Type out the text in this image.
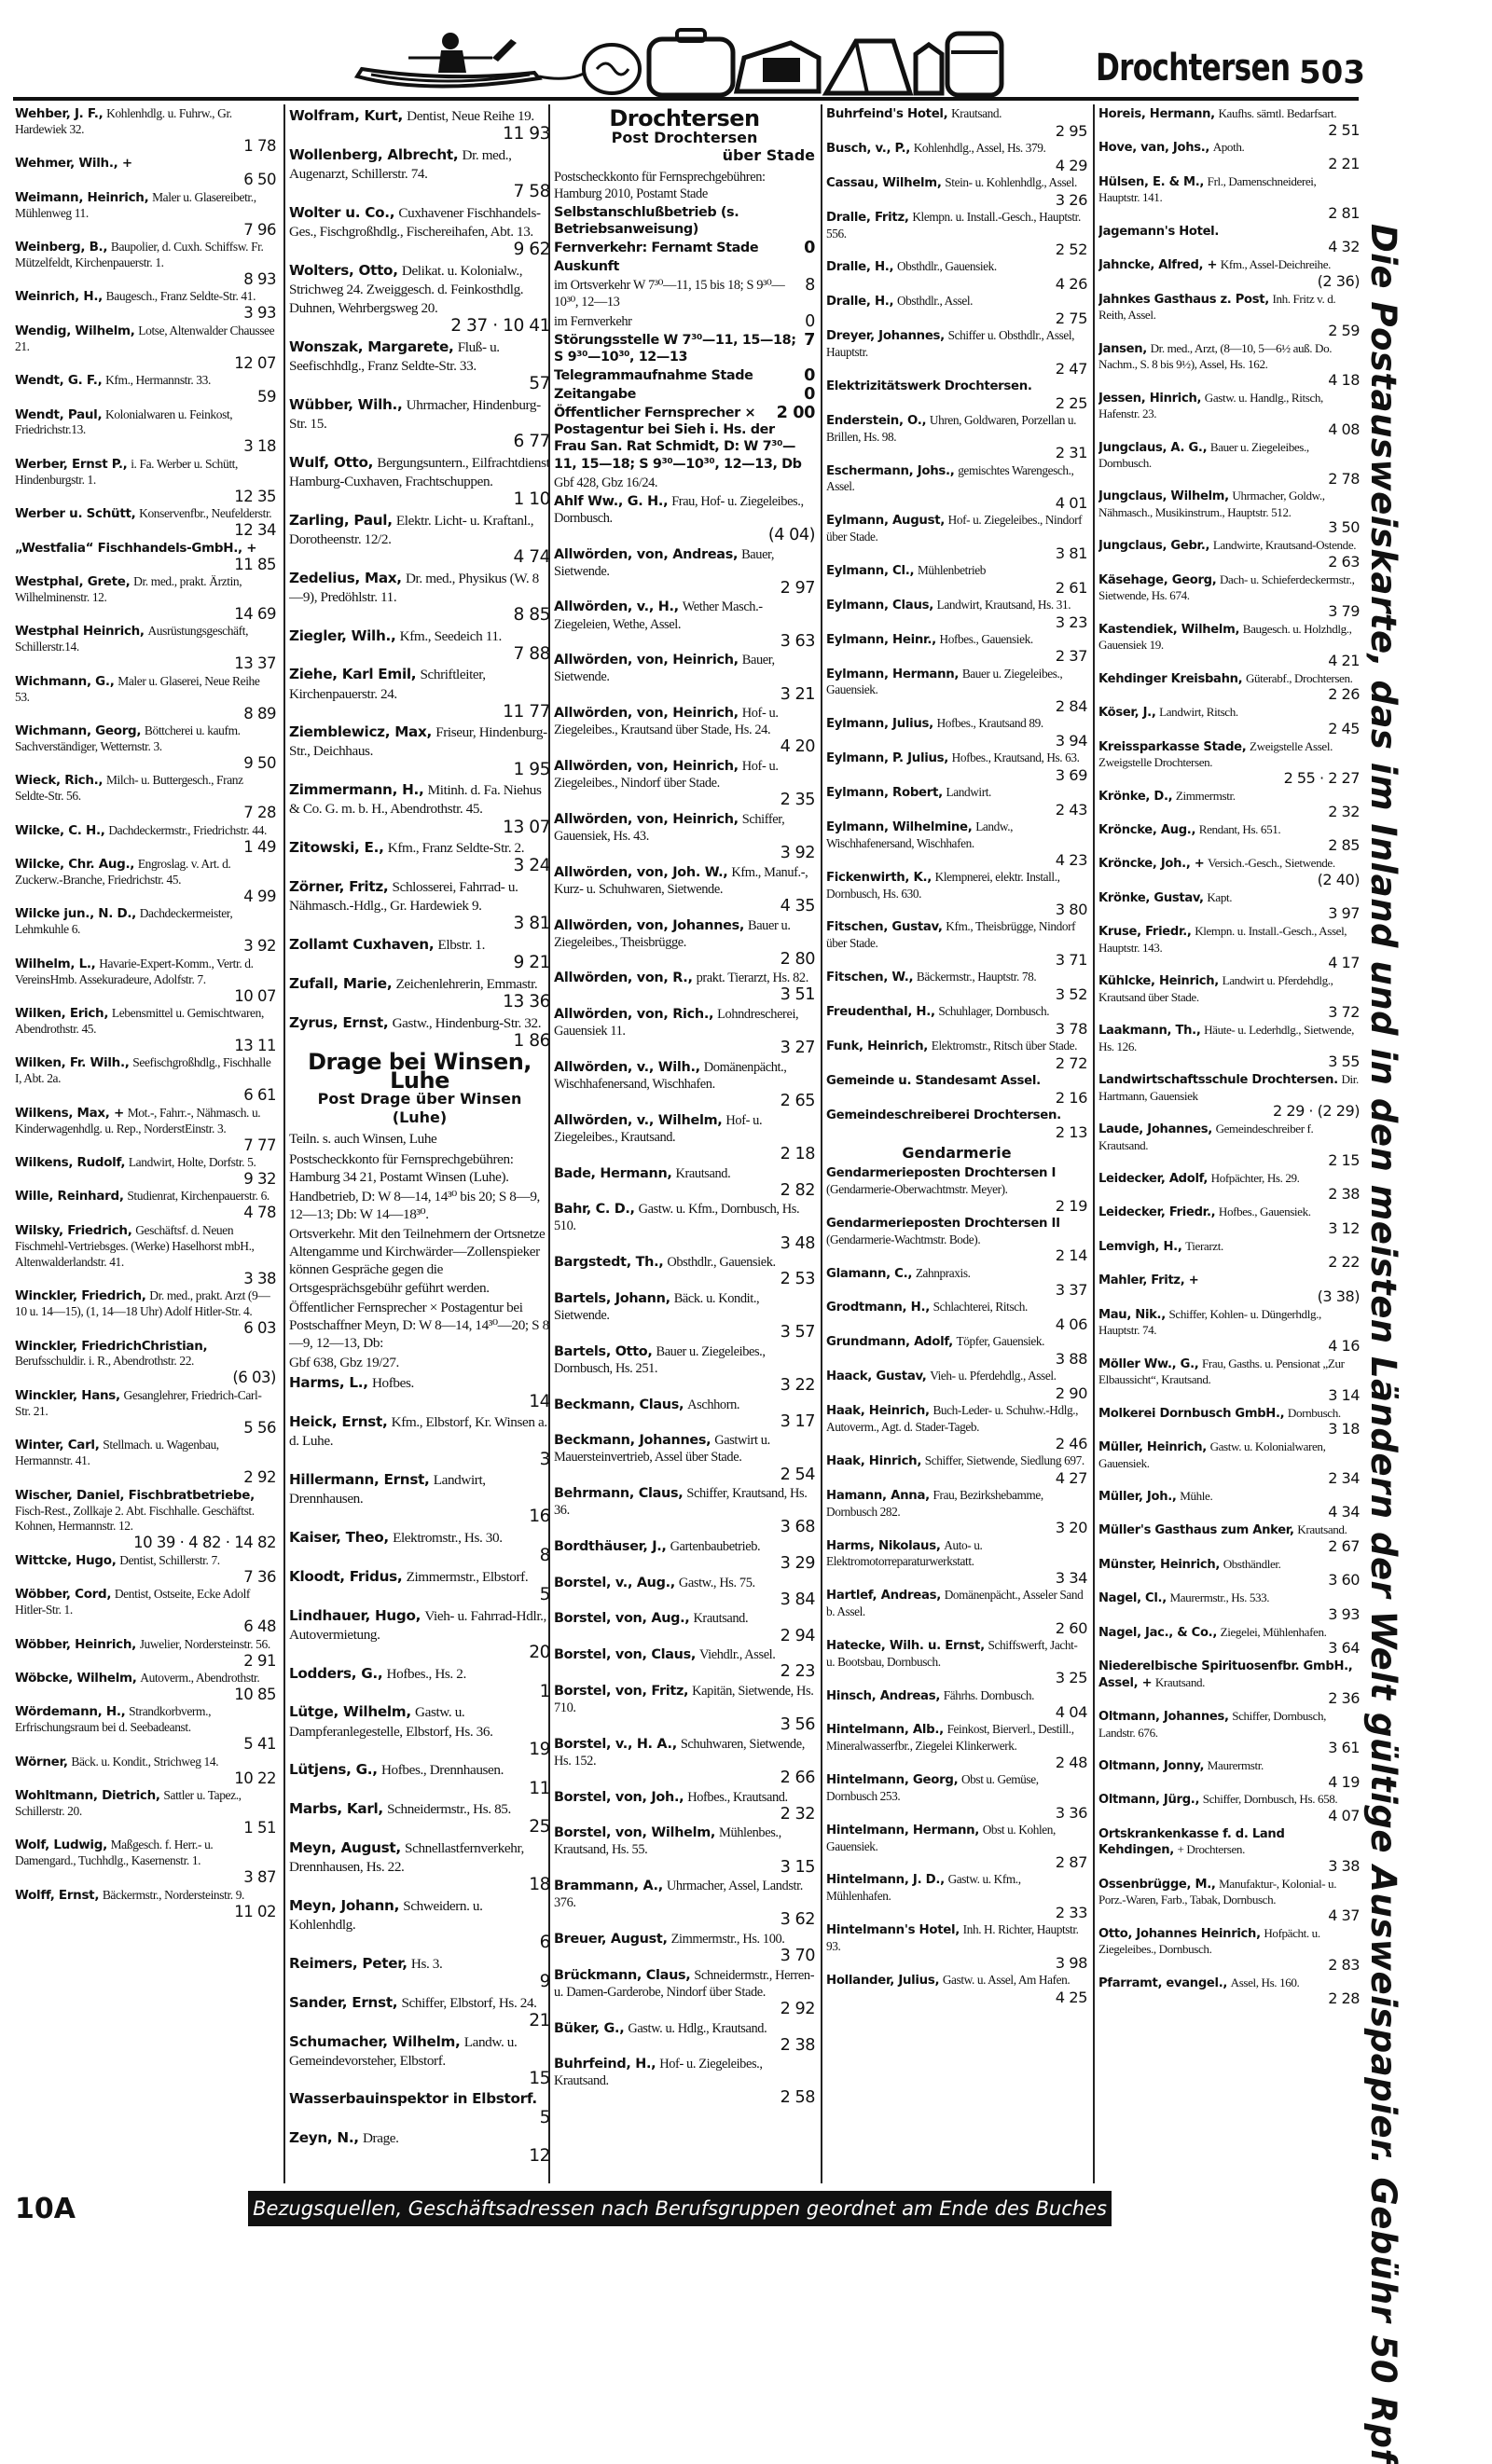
Drochtersen 503
Wehber, J. F., Kohlenhdlg. u. Fuhrw., Gr. Hardewiek 32.
1 78
Wehmer, Wilh., +
6 50
Weimann, Heinrich, Maler u. Glasereibetr., Mühlenweg 11.
7 96
Weinberg, B., Baupolier, d. Cuxh. Schiffsw. Fr. Mützelfeldt, Kirchenpauerstr. 1.
8 93
Weinrich, H., Baugesch., Franz Seldte-Str. 41.
3 93
Wendig, Wilhelm, Lotse, Altenwalder Chaussee 21.
12 07
Wendt, G. F., Kfm., Hermannstr. 33.
59
Wendt, Paul, Kolonialwaren u. Feinkost, Friedrichstr.13.
3 18
Werber, Ernst P., i. Fa. Werber u. Schütt, Hindenburgstr. 1.
12 35
Werber u. Schütt, Konservenfbr., Neufelderstr.
12 34
„Westfalia“ Fischhandels-GmbH., +
11 85
Westphal, Grete, Dr. med., prakt. Ärztin, Wilhelminenstr. 12.
14 69
Westphal Heinrich, Ausrüstungsgeschäft, Schillerstr.14.
13 37
Wichmann, G., Maler u. Glaserei, Neue Reihe 53.
8 89
Wichmann, Georg, Böttcherei u. kaufm. Sachverständiger, Wetternstr. 3.
9 50
Wieck, Rich., Milch- u. Buttergesch., Franz Seldte-Str. 56.
7 28
Wilcke, C. H., Dachdeckermstr., Friedrichstr. 44.
1 49
Wilcke, Chr. Aug., Engroslag. v. Art. d. Zuckerw.-Branche, Friedrichstr. 45.
4 99
Wilcke jun., N. D., Dachdeckermeister, Lehmkuhle 6.
3 92
Wilhelm, L., Havarie-Expert-Komm., Vertr. d. VereinsHmb. Assekuradeure, Adolfstr. 7.
10 07
Wilken, Erich, Lebensmittel u. Gemischtwaren, Abendrothstr. 45.
13 11
Wilken, Fr. Wilh., Seefischgroßhdlg., Fischhalle I, Abt. 2a.
6 61
Wilkens, Max, + Mot.-, Fahrr.-, Nähmasch. u. Kinderwagenhdlg. u. Rep., NorderstEinstr. 3.
7 77
Wilkens, Rudolf, Landwirt, Holte, Dorfstr. 5.
9 32
Wille, Reinhard, Studienrat, Kirchenpauerstr. 6.
4 78
Wilsky, Friedrich, Geschäftsf. d. Neuen Fischmehl-Vertriebsges. (Werke) Haselhorst mbH., Altenwalderlandstr. 41.
3 38
Winckler, Friedrich, Dr. med., prakt. Arzt (9—10 u. 14—15), (1, 14—18 Uhr) Adolf Hitler-Str. 4.
6 03
Winckler, FriedrichChristian, Berufsschuldir. i. R., Abendrothstr. 22.
(6 03)
Winckler, Hans, Gesanglehrer, Friedrich-Carl-Str. 21.
5 56
Winter, Carl, Stellmach. u. Wagenbau, Hermannstr. 41.
2 92
Wischer, Daniel, Fischbratbetriebe, Fisch-Rest., Zollkaje 2. Abt. Fischhalle. Geschäftst. Kohnen, Hermannstr. 12.
10 39 · 4 82 · 14 82
Wittcke, Hugo, Dentist, Schillerstr. 7.
7 36
Wöbber, Cord, Dentist, Ostseite, Ecke Adolf Hitler-Str. 1.
6 48
Wöbber, Heinrich, Juwelier, Nordersteinstr. 56.
2 91
Wöbcke, Wilhelm, Autoverm., Abendrothstr.
10 85
Wördemann, H., Strandkorbverm., Erfrischungsraum bei d. Seebadeanst.
5 41
Wörner, Bäck. u. Kondit., Strichweg 14.
10 22
Wohltmann, Dietrich, Sattler u. Tapez., Schillerstr. 20.
1 51
Wolf, Ludwig, Maßgesch. f. Herr.- u. Damengard., Tuchhdlg., Kasernenstr. 1.
3 87
Wolff, Ernst, Bäckermstr., Nordersteinstr. 9.
11 02
Wolfram, Kurt, Dentist, Neue Reihe 19.
11 93
Wollenberg, Albrecht, Dr. med., Augenarzt, Schillerstr. 74.
7 58
Wolter u. Co., Cuxhavener Fischhandels-Ges., Fischgroßhdlg., Fischereihafen, Abt. 13.
9 62
Wolters, Otto, Delikat. u. Kolonialw., Strichweg 24. Zweiggesch. d. Feinkosthdlg. Duhnen, Wehrbergsweg 20.
2 37 · 10 41
Wonszak, Margarete, Fluß- u. Seefischhdlg., Franz Seldte-Str. 33.
57
Wübber, Wilh., Uhrmacher, Hindenburg-Str. 15.
6 77
Wulf, Otto, Bergungsuntern., Eilfrachtdienst Hamburg-Cuxhaven, Frachtschuppen.
1 10
Zarling, Paul, Elektr. Licht- u. Kraftanl., Dorotheenstr. 12/2.
4 74
Zedelius, Max, Dr. med., Physikus (W. 8—9), Predöhlstr. 11.
8 85
Ziegler, Wilh., Kfm., Seedeich 11.
7 88
Ziehe, Karl Emil, Schriftleiter, Kirchenpauerstr. 24.
11 77
Ziemblewicz, Max, Friseur, Hindenburg-Str., Deichhaus.
1 95
Zimmermann, H., Mitinh. d. Fa. Niehus & Co. G. m. b. H., Abendrothstr. 45.
13 07
Zitowski, E., Kfm., Franz Seldte-Str. 2.
3 24
Zörner, Fritz, Schlosserei, Fahrrad- u. Nähmasch.-Hdlg., Gr. Hardewiek 9.
3 81
Zollamt Cuxhaven, Elbstr. 1.
9 21
Zufall, Marie, Zeichenlehrerin, Emmastr.
13 36
Zyrus, Ernst, Gastw., Hindenburg-Str. 32.
1 86
Drage bei Winsen, Luhe
Post Drage über Winsen (Luhe)
Teiln. s. auch Winsen, Luhe
Postscheckkonto für Fernsprechgebühren: Hamburg 34 21, Postamt Winsen (Luhe).
Handbetrieb, D: W 8—14, 14³⁰ bis 20; S 8—9, 12—13; Db: W 14—18³⁰.
Ortsverkehr. Mit den Teilnehmern der Ortsnetze Altengamme und Kirchwärder—Zollenspieker können Gespräche gegen die Ortsgesprächsgebühr geführt werden.
Öffentlicher Fernsprecher × Postagentur bei Postschaffner Meyn, D: W 8—14, 14³⁰—20; S 8—9, 12—13, Db:
Gbf 638, Gbz 19/27.
Harms, L., Hofbes.
14
Heick, Ernst, Kfm., Elbstorf, Kr. Winsen a. d. Luhe.
3
Hillermann, Ernst, Landwirt, Drennhausen.
16
Kaiser, Theo, Elektromstr., Hs. 30.
8
Kloodt, Fridus, Zimmermstr., Elbstorf.
5
Lindhauer, Hugo, Vieh- u. Fahrrad-Hdlr., Autovermietung.
20
Lodders, G., Hofbes., Hs. 2.
1
Lütge, Wilhelm, Gastw. u. Dampferanlegestelle, Elbstorf, Hs. 36.
19
Lütjens, G., Hofbes., Drennhausen.
11
Marbs, Karl, Schneidermstr., Hs. 85.
25
Meyn, August, Schnellastfernverkehr, Drennhausen, Hs. 22.
18
Meyn, Johann, Schweidern. u. Kohlenhdlg.
6
Reimers, Peter, Hs. 3.
9
Sander, Ernst, Schiffer, Elbstorf, Hs. 24.
21
Schumacher, Wilhelm, Landw. u. Gemeindevorsteher, Elbstorf.
15
Wasserbauinspektor in Elbstorf.
5
Zeyn, N., Drage.
12
Drochtersen
Post Drochtersen
über Stade
Postscheckkonto für Fernsprechgebühren: Hamburg 2010, Postamt Stade
Selbstanschlußbetrieb (s. Betriebsanweisung)
0
Fernverkehr: Fernamt Stade
Auskunft
8
im Ortsverkehr W 7³⁰—11, 15 bis 18; S 9³⁰—10³⁰, 12—13
0
im Fernverkehr
7
Störungsstelle W 7³⁰—11, 15—18; S 9³⁰—10³⁰, 12—13
0
Telegrammaufnahme Stade
0
Zeitangabe
2 00
Öffentlicher Fernsprecher × Postagentur bei Sieh i. Hs. der Frau San. Rat Schmidt, D: W 7³⁰—11, 15—18; S 9³⁰—10³⁰, 12—13, Db
Gbf 428, Gbz 16/24.
Ahlf Ww., G. H., Frau, Hof- u. Ziegeleibes., Dornbusch.
(4 04)
Allwörden, von, Andreas, Bauer, Sietwende.
2 97
Allwörden, v., H., Wether Masch.-Ziegeleien, Wethe, Assel.
3 63
Allwörden, von, Heinrich, Bauer, Sietwende.
3 21
Allwörden, von, Heinrich, Hof- u. Ziegeleibes., Krautsand über Stade, Hs. 24.
4 20
Allwörden, von, Heinrich, Hof- u. Ziegeleibes., Nindorf über Stade.
2 35
Allwörden, von, Heinrich, Schiffer, Gauensiek, Hs. 43.
3 92
Allwörden, von, Joh. W., Kfm., Manuf.-, Kurz- u. Schuhwaren, Sietwende.
4 35
Allwörden, von, Johannes, Bauer u. Ziegeleibes., Theisbrügge.
2 80
Allwörden, von, R., prakt. Tierarzt, Hs. 82.
3 51
Allwörden, von, Rich., Lohndrescherei, Gauensiek 11.
3 27
Allwörden, v., Wilh., Domänenpächt., Wischhafenersand, Wischhafen.
2 65
Allwörden, v., Wilhelm, Hof- u. Ziegeleibes., Krautsand.
2 18
Bade, Hermann, Krautsand.
2 82
Bahr, C. D., Gastw. u. Kfm., Dornbusch, Hs. 510.
3 48
Bargstedt, Th., Obsthdlr., Gauensiek.
2 53
Bartels, Johann, Bäck. u. Kondit., Sietwende.
3 57
Bartels, Otto, Bauer u. Ziegeleibes., Dornbusch, Hs. 251.
3 22
Beckmann, Claus, Aschhorn.
3 17
Beckmann, Johannes, Gastwirt u. Mauersteinvertrieb, Assel über Stade.
2 54
Behrmann, Claus, Schiffer, Krautsand, Hs. 36.
3 68
Bordthäuser, J., Gartenbaubetrieb.
3 29
Borstel, v., Aug., Gastw., Hs. 75.
3 84
Borstel, von, Aug., Krautsand.
2 94
Borstel, von, Claus, Viehdlr., Assel.
2 23
Borstel, von, Fritz, Kapitän, Sietwende, Hs. 710.
3 56
Borstel, v., H. A., Schuhwaren, Sietwende, Hs. 152.
2 66
Borstel, von, Joh., Hofbes., Krautsand.
2 32
Borstel, von, Wilhelm, Mühlenbes., Krautsand, Hs. 55.
3 15
Brammann, A., Uhrmacher, Assel, Landstr. 376.
3 62
Breuer, August, Zimmermstr., Hs. 100.
3 70
Brückmann, Claus, Schneidermstr., Herren- u. Damen-Garderobe, Nindorf über Stade.
2 92
Büker, G., Gastw. u. Hdlg., Krautsand.
2 38
Buhrfeind, H., Hof- u. Ziegeleibes., Krautsand.
2 58
Buhrfeind's Hotel, Krautsand.
2 95
Busch, v., P., Kohlenhdlg., Assel, Hs. 379.
4 29
Cassau, Wilhelm, Stein- u. Kohlenhdlg., Assel.
3 26
Dralle, Fritz, Klempn. u. Install.-Gesch., Hauptstr. 556.
2 52
Dralle, H., Obsthdlr., Gauensiek.
4 26
Dralle, H., Obsthdlr., Assel.
2 75
Dreyer, Johannes, Schiffer u. Obsthdlr., Assel, Hauptstr.
2 47
Elektrizitätswerk Drochtersen.
2 25
Enderstein, O., Uhren, Goldwaren, Porzellan u. Brillen, Hs. 98.
2 31
Eschermann, Johs., gemischtes Warengesch., Assel.
4 01
Eylmann, August, Hof- u. Ziegeleibes., Nindorf über Stade.
3 81
Eylmann, Cl., Mühlenbetrieb
2 61
Eylmann, Claus, Landwirt, Krautsand, Hs. 31.
3 23
Eylmann, Heinr., Hofbes., Gauensiek.
2 37
Eylmann, Hermann, Bauer u. Ziegeleibes., Gauensiek.
2 84
Eylmann, Julius, Hofbes., Krautsand 89.
3 94
Eylmann, P. Julius, Hofbes., Krautsand, Hs. 63.
3 69
Eylmann, Robert, Landwirt.
2 43
Eylmann, Wilhelmine, Landw., Wischhafenersand, Wischhafen.
4 23
Fickenwirth, K., Klempnerei, elektr. Install., Dornbusch, Hs. 630.
3 80
Fitschen, Gustav, Kfm., Theisbrügge, Nindorf über Stade.
3 71
Fitschen, W., Bäckermstr., Hauptstr. 78.
3 52
Freudenthal, H., Schuhlager, Dornbusch.
3 78
Funk, Heinrich, Elektromstr., Ritsch über Stade.
2 72
Gemeinde u. Standesamt Assel.
2 16
Gemeindeschreiberei Drochtersen.
2 13
Gendarmerie
Gendarmerieposten Drochtersen I (Gendarmerie-Oberwachtmstr. Meyer).
2 19
Gendarmerieposten Drochtersen II (Gendarmerie-Wachtmstr. Bode).
2 14
Glamann, C., Zahnpraxis.
3 37
Grodtmann, H., Schlachterei, Ritsch.
4 06
Grundmann, Adolf, Töpfer, Gauensiek.
3 88
Haack, Gustav, Vieh- u. Pferdehdlg., Assel.
2 90
Haak, Heinrich, Buch-Leder- u. Schuhw.-Hdlg., Autoverm., Agt. d. Stader-Tageb.
2 46
Haak, Hinrich, Schiffer, Sietwende, Siedlung 697.
4 27
Hamann, Anna, Frau, Bezirkshebamme, Dornbusch 282.
3 20
Harms, Nikolaus, Auto- u. Elektromotorreparaturwerkstatt.
3 34
Hartlef, Andreas, Domänenpächt., Asseler Sand b. Assel.
2 60
Hatecke, Wilh. u. Ernst, Schiffswerft, Jacht- u. Bootsbau, Dornbusch.
3 25
Hinsch, Andreas, Fährhs. Dornbusch.
4 04
Hintelmann, Alb., Feinkost, Bierverl., Destill., Mineralwasserfbr., Ziegelei Klinkerwerk.
2 48
Hintelmann, Georg, Obst u. Gemüse, Dornbusch 253.
3 36
Hintelmann, Hermann, Obst u. Kohlen, Gauensiek.
2 87
Hintelmann, J. D., Gastw. u. Kfm., Mühlenhafen.
2 33
Hintelmann's Hotel, Inh. H. Richter, Hauptstr. 93.
3 98
Hollander, Julius, Gastw. u. Assel, Am Hafen.
4 25
Horeis, Hermann, Kaufhs. sämtl. Bedarfsart.
2 51
Hove, van, Johs., Apoth.
2 21
Hülsen, E. & M., Frl., Damenschneiderei, Hauptstr. 141.
2 81
Jagemann's Hotel.
4 32
Jahncke, Alfred, + Kfm., Assel-Deichreihe.
(2 36)
Jahnkes Gasthaus z. Post, Inh. Fritz v. d. Reith, Assel.
2 59
Jansen, Dr. med., Arzt, (8—10, 5—6½ auß. Do. Nachm., S. 8 bis 9½), Assel, Hs. 162.
4 18
Jessen, Hinrich, Gastw. u. Handlg., Ritsch, Hafenstr. 23.
4 08
Jungclaus, A. G., Bauer u. Ziegeleibes., Dornbusch.
2 78
Jungclaus, Wilhelm, Uhrmacher, Goldw., Nähmasch., Musikinstrum., Hauptstr. 512.
3 50
Jungclaus, Gebr., Landwirte, Krautsand-Ostende.
2 63
Käsehage, Georg, Dach- u. Schieferdeckermstr., Sietwende, Hs. 674.
3 79
Kastendiek, Wilhelm, Baugesch. u. Holzhdlg., Gauensiek 19.
4 21
Kehdinger Kreisbahn, Güterabf., Drochtersen.
2 26
Köser, J., Landwirt, Ritsch.
2 45
Kreissparkasse Stade, Zweigstelle Assel. Zweigstelle Drochtersen.
2 55 · 2 27
Krönke, D., Zimmermstr.
2 32
Kröncke, Aug., Rendant, Hs. 651.
2 85
Kröncke, Joh., + Versich.-Gesch., Sietwende.
(2 40)
Krönke, Gustav, Kapt.
3 97
Kruse, Friedr., Klempn. u. Install.-Gesch., Assel, Hauptstr. 143.
4 17
Kühlcke, Heinrich, Landwirt u. Pferdehdlg., Krautsand über Stade.
3 72
Laakmann, Th., Häute- u. Lederhdlg., Sietwende, Hs. 126.
3 55
Landwirtschaftsschule Drochtersen. Dir. Hartmann, Gauensiek
2 29 · (2 29)
Laude, Johannes, Gemeindeschreiber f. Krautsand.
2 15
Leidecker, Adolf, Hofpächter, Hs. 29.
2 38
Leidecker, Friedr., Hofbes., Gauensiek.
3 12
Lemvigh, H., Tierarzt.
2 22
Mahler, Fritz, +
(3 38)
Mau, Nik., Schiffer, Kohlen- u. Düngerhdlg., Hauptstr. 74.
4 16
Möller Ww., G., Frau, Gasths. u. Pensionat „Zur Elbaussicht“, Krautsand.
3 14
Molkerei Dornbusch GmbH., Dornbusch.
3 18
Müller, Heinrich, Gastw. u. Kolonialwaren, Gauensiek.
2 34
Müller, Joh., Mühle.
4 34
Müller's Gasthaus zum Anker, Krautsand.
2 67
Münster, Heinrich, Obsthändler.
3 60
Nagel, Cl., Maurermstr., Hs. 533.
3 93
Nagel, Jac., & Co., Ziegelei, Mühlenhafen.
3 64
Niederelbische Spirituosenfbr. GmbH., Assel, + Krautsand.
2 36
Oltmann, Johannes, Schiffer, Dornbusch, Landstr. 676.
3 61
Oltmann, Jonny, Maurermstr.
4 19
Oltmann, Jürg., Schiffer, Dornbusch, Hs. 658.
4 07
Ortskrankenkasse f. d. Land Kehdingen, + Drochtersen.
3 38
Ossenbrügge, M., Manufaktur-, Kolonial- u. Porz.-Waren, Farb., Tabak, Dornbusch.
4 37
Otto, Johannes Heinrich, Hofpächt. u. Ziegeleibes., Dornbusch.
2 83
Pfarramt, evangel., Assel, Hs. 160.
2 28 Die Postausweiskarte, das im Inland und in den meisten Ländern der Welt gültige Ausweispapier. Gebühr 50 Rpf
10A	Bezugsquellen, Geschäftsadressen nach Berufsgruppen geordnet am Ende des Buches
